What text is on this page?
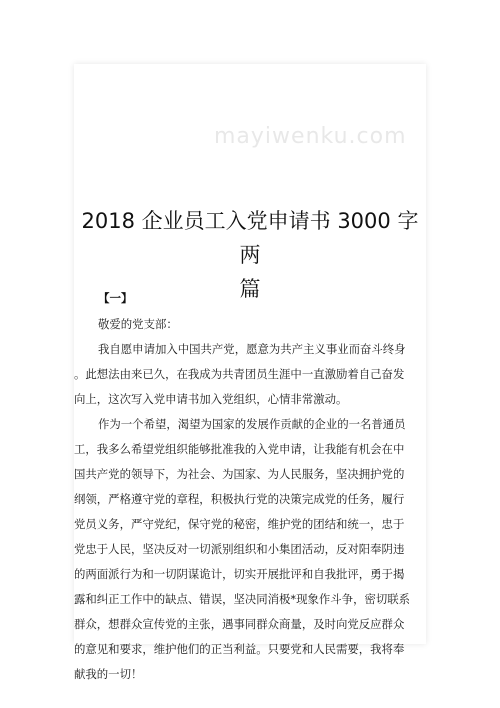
mayiwenku.com
2018 企业员工入党申请书 3000 字两
篇
【一】
敬爱的党支部：
我自愿申请加入中国共产党，愿意为共产主义事业而奋斗终身
。此想法由来已久，在我成为共青团员生涯中一直激励着自己奋发
向上，这次写入党申请书加入党组织，心情非常激动。
作为一个希望，渴望为国家的发展作贡献的企业的一名普通员
工，我多么希望党组织能够批准我的入党申请，让我能有机会在中
国共产党的领导下，为社会、为国家、为人民服务，坚决拥护党的
纲领，严格遵守党的章程，积极执行党的决策完成党的任务，履行
党员义务，严守党纪，保守党的秘密，维护党的团结和统一，忠于
党忠于人民，坚决反对一切派别组织和小集团活动，反对阳奉阴违
的两面派行为和一切阴谋诡计，切实开展批评和自我批评，勇于揭
露和纠正工作中的缺点、错误，坚决同消极*现象作斗争，密切联系
群众，想群众宣传党的主张，遇事同群众商量，及时向党反应群众
的意见和要求，维护他们的正当利益。只要党和人民需要，我将奉
献我的一切！
